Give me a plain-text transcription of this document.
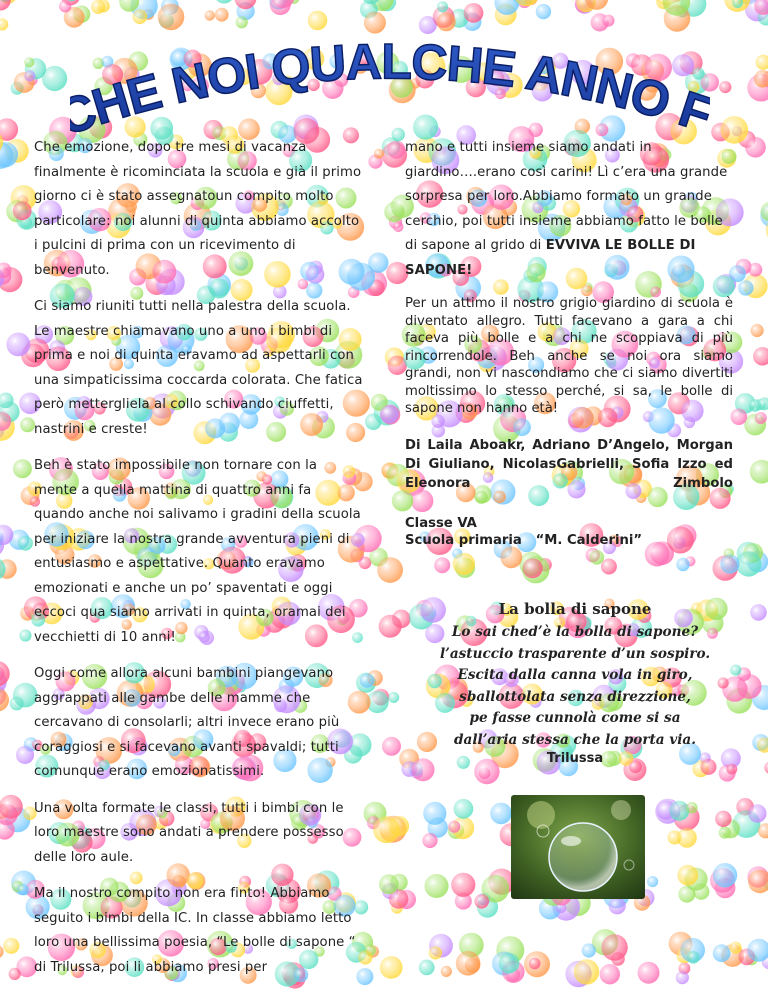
HE NOI QUALCHE ANNO

Che emozione, dopo tre mesi di vacanza finalmente è ricominciata la scuola e già il primo giorno ci è stato assegnatoun compito molto particolare: noi alunni di quinta abbiamo accolto i pulcini di prima con un ricevimento di benvenuto.

Ci siamo riuniti tutti nella palestra della scuola. Le maestre chiamavano uno a uno i bimbi di prima e noi di quinta eravamo ad aspettarli con una simpaticissima coccarda colorata. Che fatica però mettergliela al collo schivando ciuffetti, nastrini e creste!

Beh è stato impossibile non tornare con la mente a quella mattina di quattro anni fa quando anche noi salivamo i gradini della scuola per iniziare la nostra grande avventura pieni di entusiasmo e aspettative. Quanto eravamo emozionati e anche un po’ spaventati e oggi eccoci qua siamo arrivati in quinta, oramai dei vecchietti di 10 anni!

Oggi come allora alcuni bambini piangevano aggrappati alle gambe delle mamme che cercavano di consolarli; altri invece erano più coraggiosi e si facevano avanti spavaldi; tutti comunque erano emozionatissimi.

Una volta formate le classi, tutti i bimbi con le loro maestre sono andati a prendere possesso delle loro aule.

Ma il nostro compito non era finto! Abbiamo seguito i bimbi della IC. In classe abbiamo letto loro una bellissima poesia, “Le bolle di sapone “ di Trilussa, poi li abbiamo presi per

mano e tutti insieme siamo andati in giardino….erano così carini! Lì c’era una grande sorpresa per loro.Abbiamo formato un grande cerchio, poi tutti insieme abbiamo fatto le bolle di sapone al grido di EVVIVA LE BOLLE DI SAPONE!

Per un attimo il nostro grigio giardino di scuola è diventato allegro. Tutti facevano a gara a chi faceva più bolle e a chi ne scoppiava di più rincorrendole. Beh anche se noi ora siamo grandi, non vi nascondiamo che ci siamo divertiti moltissimo lo stesso perché, si sa, le bolle di sapone non hanno età!

Di Laila Aboakr, Adriano D’Angelo, Morgan Di Giuliano, NicolasGabrielli, Sofia Izzo ed Eleonora Zimbolo

Classe VA
Scuola primaria   “M. Calderini”

La bolla di sapone
Lo sai ched’è la bolla di sapone?
l’astuccio trasparente d’un sospiro.
Escita dalla canna vola in giro,
sballottolata senza direzzione,
pe fasse cunnolà come si sa
dall’aria stessa che la porta via.
Trilussa
